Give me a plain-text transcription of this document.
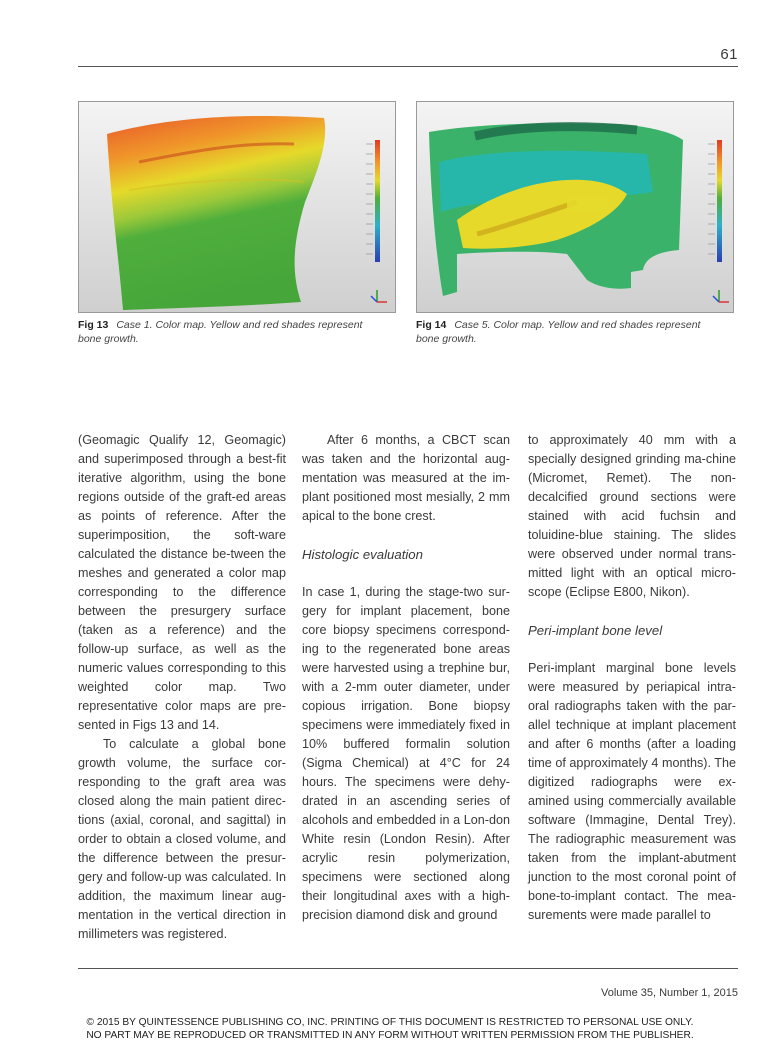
61
Fig 13 Case 1. Color map. Yellow and red shades represent bone growth.
Fig 14 Case 5. Color map. Yellow and red shades represent bone growth.

(Geomagic Qualify 12, Geomagic) and superimposed through a best-fit iterative algorithm, using the bone regions outside of the graft-ed areas as points of reference. After the superimposition, the soft-ware calculated the distance be-tween the meshes and generated a color map corresponding to the difference between the presurgery surface (taken as a reference) and the follow-up surface, as well as the numeric values corresponding to this weighted color map. Two representative color maps are pre-sented in Figs 13 and 14.

To calculate a global bone growth volume, the surface cor-responding to the graft area was closed along the main patient direc-tions (axial, coronal, and sagittal) in order to obtain a closed volume, and the difference between the presur-gery and follow-up was calculated. In addition, the maximum linear aug-mentation in the vertical direction in millimeters was registered.

After 6 months, a CBCT scan was taken and the horizontal aug-mentation was measured at the im-plant positioned most mesially, 2 mm apical to the bone crest.

Histologic evaluation

In case 1, during the stage-two sur-gery for implant placement, bone core biopsy specimens correspond-ing to the regenerated bone areas were harvested using a trephine bur, with a 2-mm outer diameter, under copious irrigation. Bone biopsy specimens were immediately fixed in 10% buffered formalin solution (Sigma Chemical) at 4°C for 24 hours. The specimens were dehy-drated in an ascending series of alcohols and embedded in a Lon-don White resin (London Resin). After acrylic resin polymerization, specimens were sectioned along their longitudinal axes with a high-precision diamond disk and ground

to approximately 40 mm with a specially designed grinding ma-chine (Micromet, Remet). The non-decalcified ground sections were stained with acid fuchsin and toluidine-blue staining. The slides were observed under normal trans-mitted light with an optical micro-scope (Eclipse E800, Nikon).

Peri-implant bone level

Peri-implant marginal bone levels were measured by periapical intra-oral radiographs taken with the par-allel technique at implant placement and after 6 months (after a loading time of approximately 4 months). The digitized radiographs were ex-amined using commercially available software (Immagine, Dental Trey). The radiographic measurement was taken from the implant-abutment junction to the most coronal point of bone-to-implant contact. The mea-surements were made parallel to

Volume 35, Number 1, 2015
© 2015 BY QUINTESSENCE PUBLISHING CO, INC. PRINTING OF THIS DOCUMENT IS RESTRICTED TO PERSONAL USE ONLY.
NO PART MAY BE REPRODUCED OR TRANSMITTED IN ANY FORM WITHOUT WRITTEN PERMISSION FROM THE PUBLISHER.
